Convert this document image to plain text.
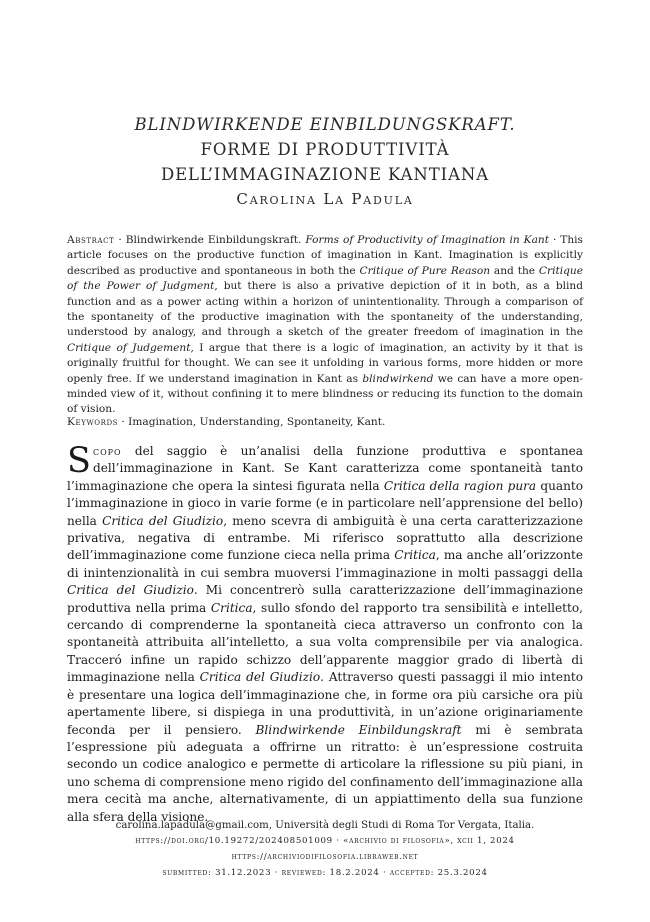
BLINDWIRKENDE EINBILDUNGSKRAFT.
FORME DI PRODUTTIVITÀ
DELL’IMMAGINAZIONE KANTIANA
Carolina La Padula
Abstract · Blindwirkende Einbildungskraft. Forms of Productivity of Imagination in Kant · This article focuses on the productive function of imagination in Kant. Imagination is explicitly described as productive and spontaneous in both the Critique of Pure Reason and the Critique of the Power of Judgment, but there is also a privative depiction of it in both, as a blind function and as a power acting within a horizon of unintentionality. Through a comparison of the spontaneity of the productive imagination with the spontaneity of the understanding, understood by analogy, and through a sketch of the greater freedom of imagination in the Critique of Judgement, I argue that there is a logic of imagination, an activity by it that is originally fruitful for thought. We can see it unfolding in various forms, more hidden or more openly free. If we understand imagination in Kant as blindwirkend we can have a more open-minded view of it, without confining it to mere blindness or reducing its function to the domain of vision.
Keywords · Imagination, Understanding, Spontaneity, Kant.
Scopo del saggio è un’analisi della funzione produttiva e spontanea dell’immaginazione in Kant. Se Kant caratterizza come spontaneità tanto l’immaginazione che opera la sintesi figurata nella Critica della ragion pura quanto l’immaginazione in gioco in varie forme (e in particolare nell’apprensione del bello) nella Critica del Giudizio, meno scevra di ambiguità è una certa caratterizzazione privativa, negativa di entrambe. Mi riferisco soprattutto alla descrizione dell’immaginazione come funzione cieca nella prima Critica, ma anche all’orizzonte di inintenzionalità in cui sembra muoversi l’immaginazione in molti passaggi della Critica del Giudizio. Mi concentrerò sulla caratterizzazione dell’immaginazione produttiva nella prima Critica, sullo sfondo del rapporto tra sensibilità e intelletto, cercando di comprenderne la spontaneità cieca attraverso un confronto con la spontaneità attribuita all’intelletto, a sua volta comprensibile per via analogica. Tracceró infine un rapido schizzo dell’apparente maggior grado di libertà di immaginazione nella Critica del Giudizio. Attraverso questi passaggi il mio intento è presentare una logica dell’immaginazione che, in forme ora più carsiche ora più apertamente libere, si dispiega in una produttività, in un’azione originariamente feconda per il pensiero. Blindwirkende Einbildungskraft mi è sembrata l’espressione più adeguata a offrirne un ritratto: è un’espressione costruita secondo un codice analogico e permette di articolare la riflessione su più piani, in uno schema di comprensione meno rigido del confinamento dell’immaginazione alla mera cecità ma anche, alternativamente, di un appiattimento della sua funzione alla sfera della visione.
carolina.lapadula@gmail.com, Università degli Studi di Roma Tor Vergata, Italia.
https://doi.org/10.19272/202408501009 · «archivio di filosofia», xcii 1, 2024
https://archiviodifilosofia.libraweb.net
submitted: 31.12.2023 · reviewed: 18.2.2024 · accepted: 25.3.2024
